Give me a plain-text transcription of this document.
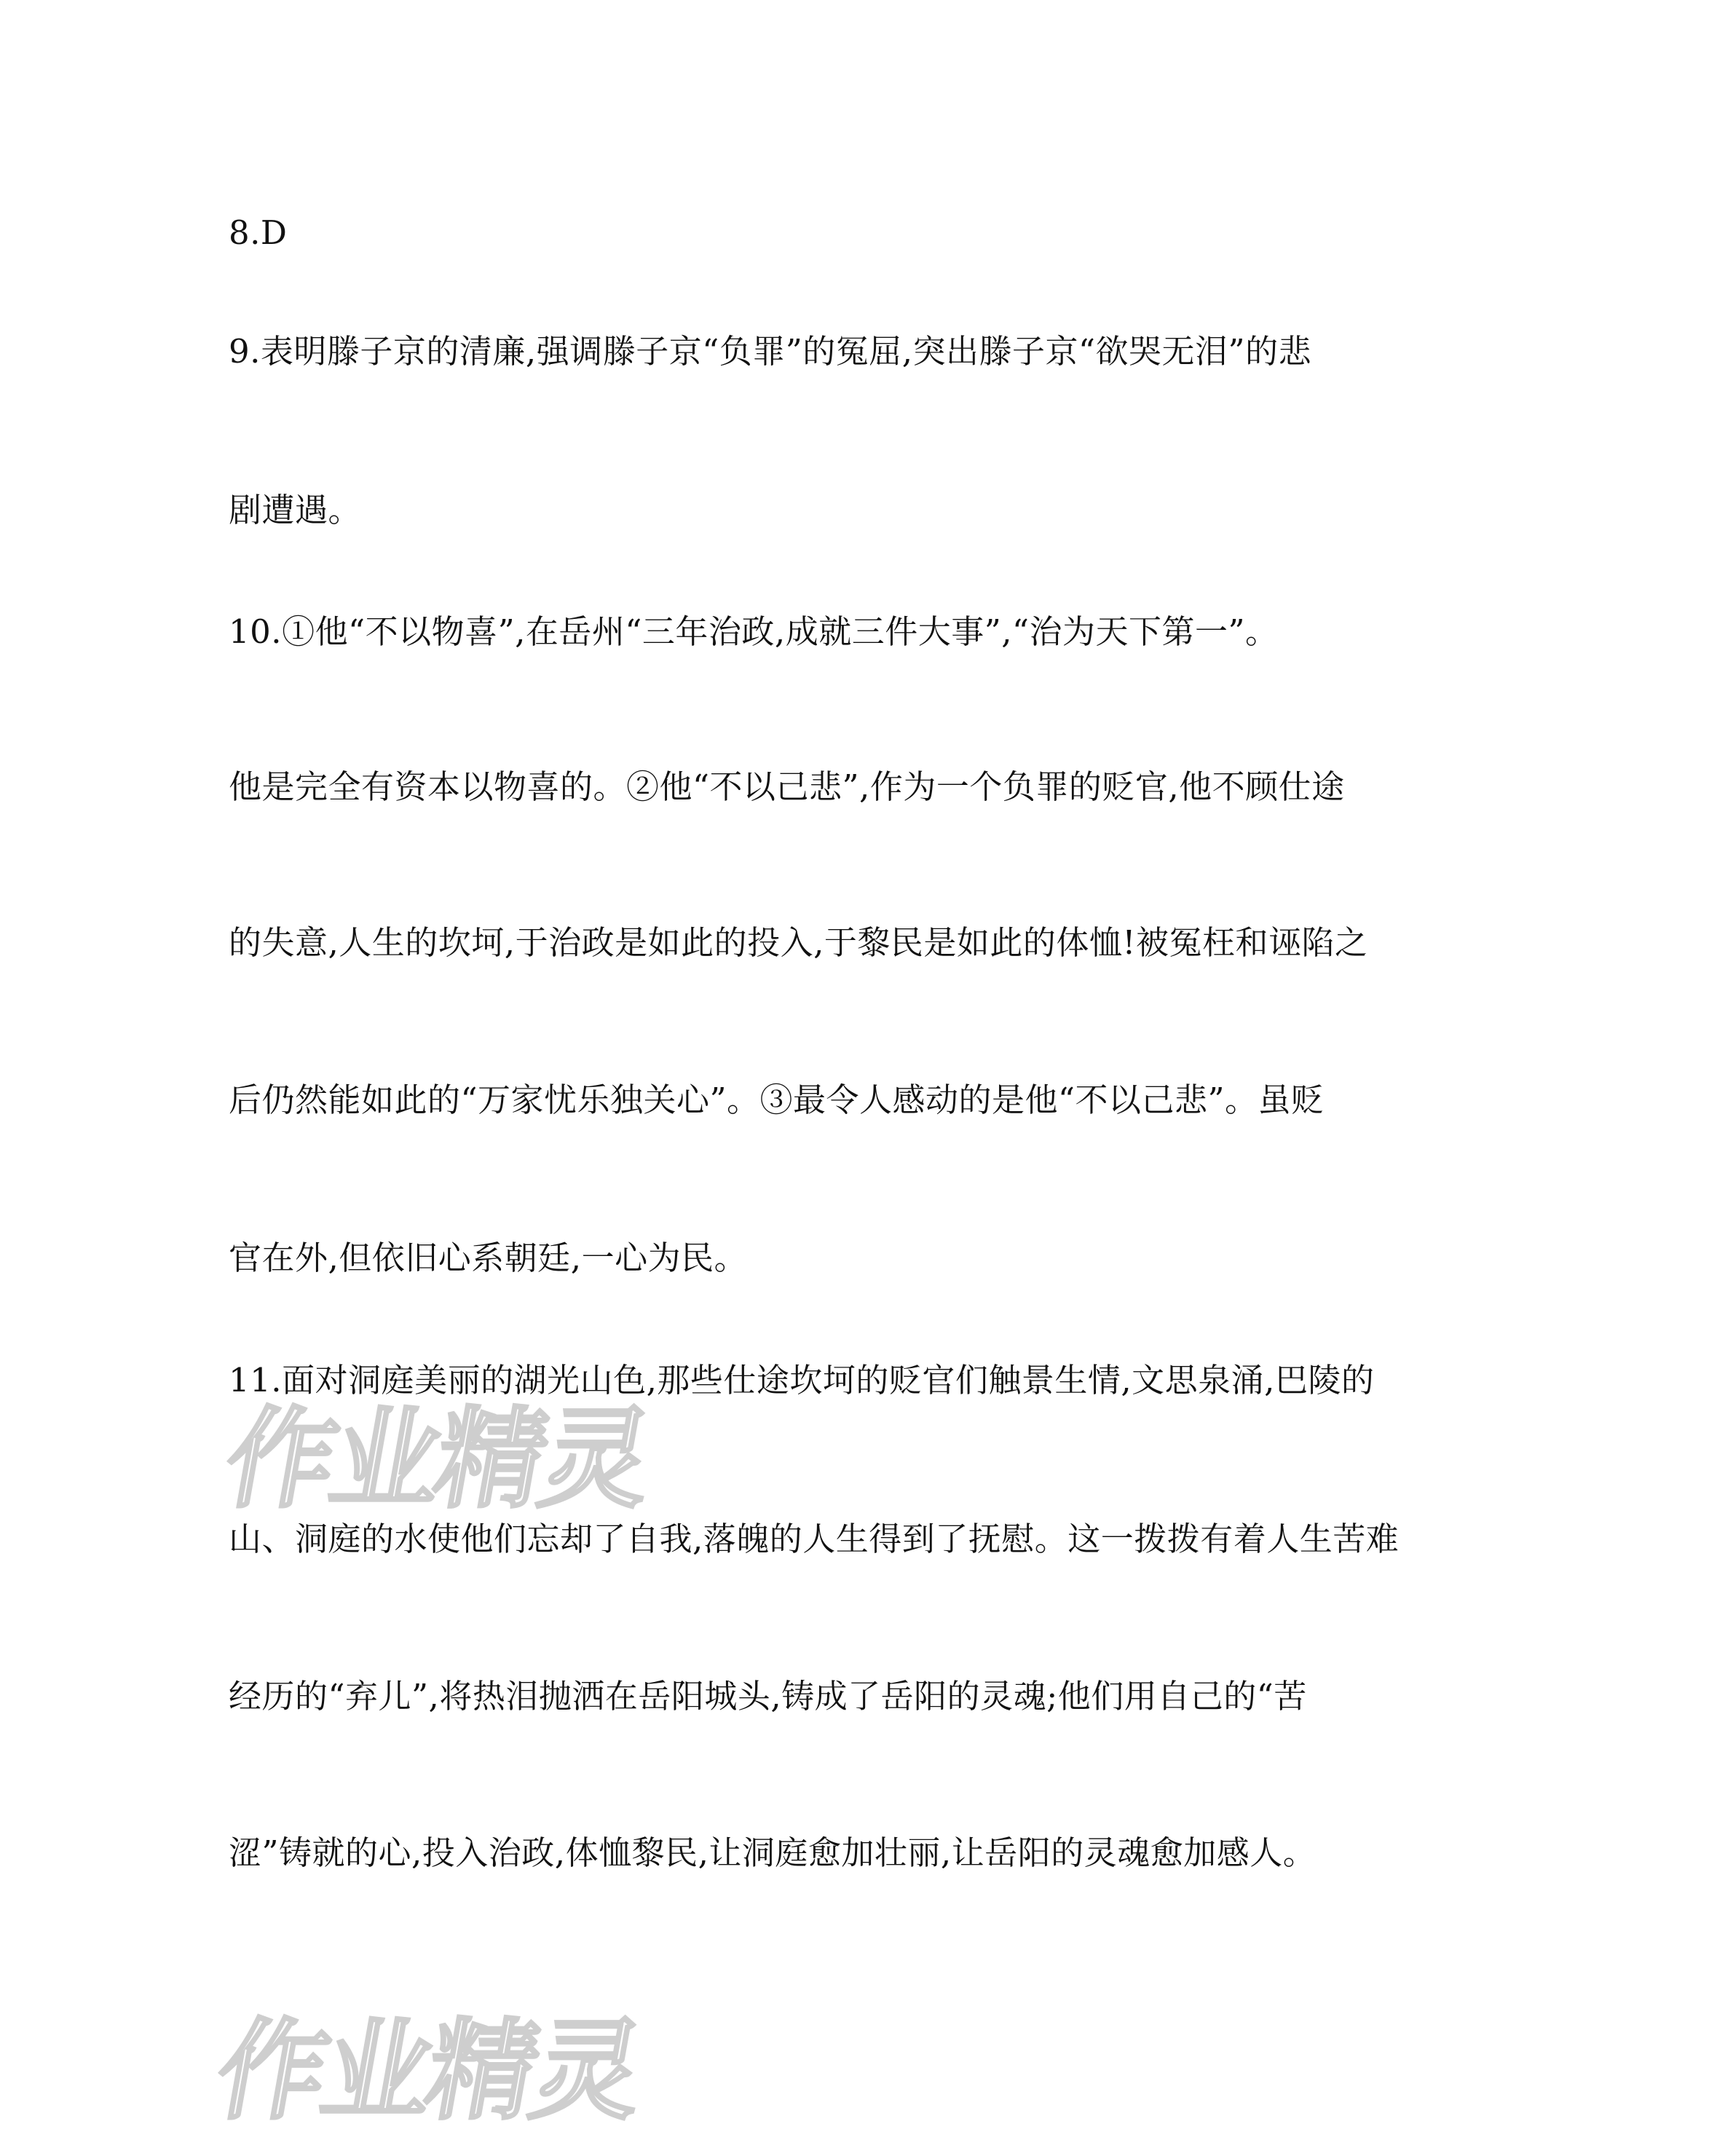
8.D
9.表明滕子京的清廉,强调滕子京“负罪”的冤屈,突出滕子京“欲哭无泪”的悲
剧遭遇。
10.①他“不以物喜”,在岳州“三年治政,成就三件大事”,“治为天下第一”。
他是完全有资本以物喜的。②他“不以己悲”,作为一个负罪的贬官,他不顾仕途
的失意,人生的坎坷,于治政是如此的投入,于黎民是如此的体恤!被冤枉和诬陷之
后仍然能如此的“万家忧乐独关心”。③最令人感动的是他“不以己悲”。虽贬
官在外,但依旧心系朝廷,一心为民。
11.面对洞庭美丽的湖光山色,那些仕途坎坷的贬官们触景生情,文思泉涌,巴陵的
山、洞庭的水使他们忘却了自我,落魄的人生得到了抚慰。这一拨拨有着人生苦难
经历的“弃儿”,将热泪抛洒在岳阳城头,铸成了岳阳的灵魂;他们用自己的“苦
涩”铸就的心,投入治政,体恤黎民,让洞庭愈加壮丽,让岳阳的灵魂愈加感人。
作业精灵
作业精灵
